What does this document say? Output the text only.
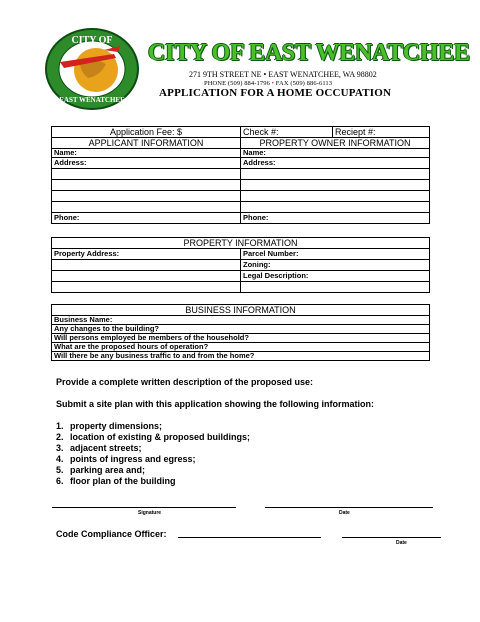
CITY OF
EAST WENATCHEE
CITY OF EAST WENATCHEE
271 9TH STREET NE • EAST WENATCHEE, WA 98802
PHONE (509) 884-1796 • FAX (509) 886-6113
APPLICATION FOR A HOME OCCUPATION
Application Fee: $	Check #:	Reciept #:
APPLICANT INFORMATION	PROPERTY OWNER INFORMATION	
Name:	Name:	
Address:	Address:	

Phone:	Phone:	
PROPERTY INFORMATION	
Property Address:	Parcel Number:
	Zoning:
	Legal Description:

BUSINESS INFORMATION
Business Name:
Any changes to the building?
Will persons employed be members of the household?
What are the proposed hours of operation?
Will there be any business traffic to and from the home?
Provide a complete written description of the proposed use:
Submit a site plan with this application showing the following information:
1. property dimensions;
2. location of existing & proposed buildings;
3. adjacent streets;
4. points of ingress and egress;
5. parking area and;
6. floor plan of the building
Signature	Date
Code Compliance Officer:
Date
